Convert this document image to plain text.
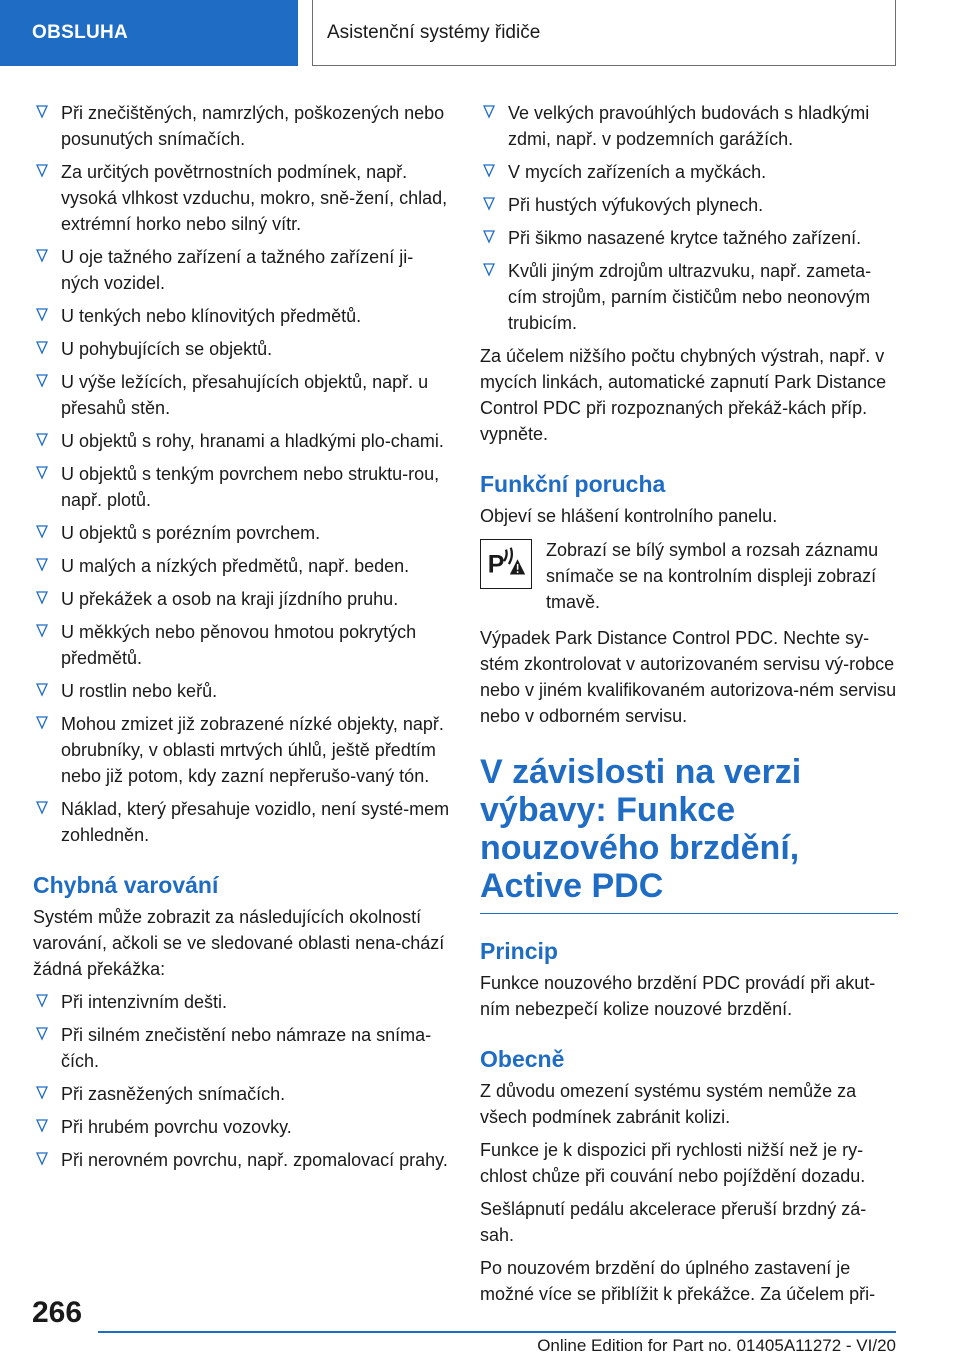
OBSLUHA	Asistenční systémy řidiče
Při znečištěných, namrzlých, poškozených nebo posunutých snímačích.
Za určitých povětrnostních podmínek, např. vysoká vlhkost vzduchu, mokro, sně‐žení, chlad, extrémní horko nebo silný vítr.
U oje tažného zařízení a tažného zařízení ji‐ných vozidel.
U tenkých nebo klínovitých předmětů.
U pohybujících se objektů.
U výše ležících, přesahujících objektů, např. u přesahů stěn.
U objektů s rohy, hranami a hladkými plo‐chami.
U objektů s tenkým povrchem nebo struktu‐rou, např. plotů.
U objektů s porézním povrchem.
U malých a nízkých předmětů, např. beden.
U překážek a osob na kraji jízdního pruhu.
U měkkých nebo pěnovou hmotou pokrytých předmětů.
U rostlin nebo keřů.
Mohou zmizet již zobrazené nízké objekty, např. obrubníky, v oblasti mrtvých úhlů, ještě předtím nebo již potom, kdy zazní nepřerušo‐vaný tón.
Náklad, který přesahuje vozidlo, není systé‐mem zohledněn.
Chybná varování

Systém může zobrazit za následujících okolností varování, ačkoli se ve sledované oblasti nena‐chází žádná překážka:

Při intenzivním dešti.
Při silném znečistění nebo námraze na sníma‐čích.
Při zasněžených snímačích.
Při hrubém povrchu vozovky.
Při nerovném povrchu, např. zpomalovací prahy.
Ve velkých pravoúhlých budovách s hladkými zdmi, např. v podzemních garážích.
V mycích zařízeních a myčkách.
Při hustých výfukových plynech.
Při šikmo nasazené krytce tažného zařízení.
Kvůli jiným zdrojům ultrazvuku, např. zameta‐cím strojům, parním čističům nebo neonovým trubicím.

Za účelem nižšího počtu chybných výstrah, např. v mycích linkách, automatické zapnutí Park Distance Control PDC při rozpoznaných překáž‐kách příp. vypněte.

Funkční porucha

Objeví se hlášení kontrolního panelu.

P
Zobrazí se bílý symbol a rozsah záznamu snímače se na kontrolním displeji zobrazí tmavě.

Výpadek Park Distance Control PDC. Nechte sy‐stém zkontrolovat v autorizovaném servisu vý‐robce nebo v jiném kvalifikovaném autorizova‐ném servisu nebo v odborném servisu.

V závislosti na verzi výbavy: Funkce nouzového brzdění, Active PDC
Princip

Funkce nouzového brzdění PDC provádí při akut‐ním nebezpečí kolize nouzové brzdění.

Obecně

Z důvodu omezení systému systém nemůže za všech podmínek zabránit kolizi.

Funkce je k dispozici při rychlosti nižší než je ry‐chlost chůze při couvání nebo pojíždění dozadu.

Sešlápnutí pedálu akcelerace přeruší brzdný zá‐sah.

Po nouzovém brzdění do úplného zastavení je možné více se přiblížit k překážce. Za účelem při‐

266
Online Edition for Part no. 01405A11272 - VI/20
